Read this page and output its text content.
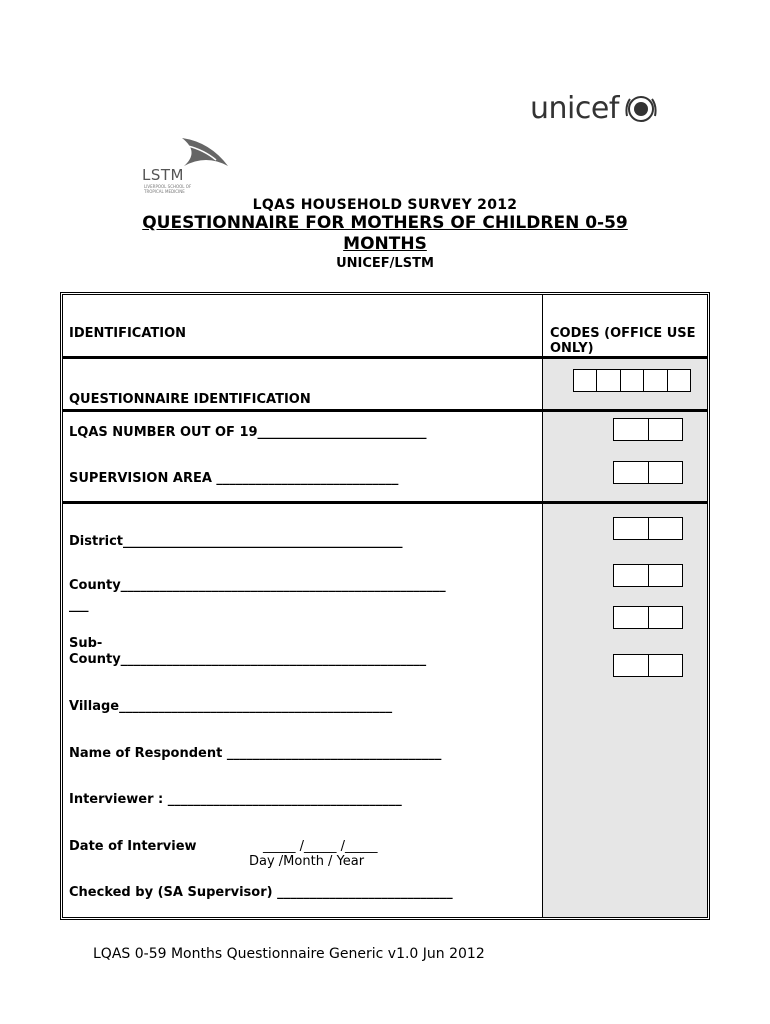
unicef
LSTM
LIVERPOOL SCHOOL OF TROPICAL MEDICINE
LQAS HOUSEHOLD SURVEY 2012
QUESTIONNAIRE FOR MOTHERS OF CHILDREN 0-59
MONTHS
UNICEF/LSTM
IDENTIFICATION	CODES (OFFICE USE ONLY)
QUESTIONNAIRE IDENTIFICATION
LQAS NUMBER OUT OF 19__________________________
SUPERVISION AREA ____________________________
District___________________________________________
County__________________________________________________
___
Sub-
County_______________________________________________
Village__________________________________________
Name of Respondent _________________________________
Interviewer : ____________________________________
Date of Interview	_____ /_____ /_____
Day /Month / Year
Checked by (SA Supervisor) ___________________________
LQAS 0-59 Months Questionnaire Generic v1.0 Jun 2012
